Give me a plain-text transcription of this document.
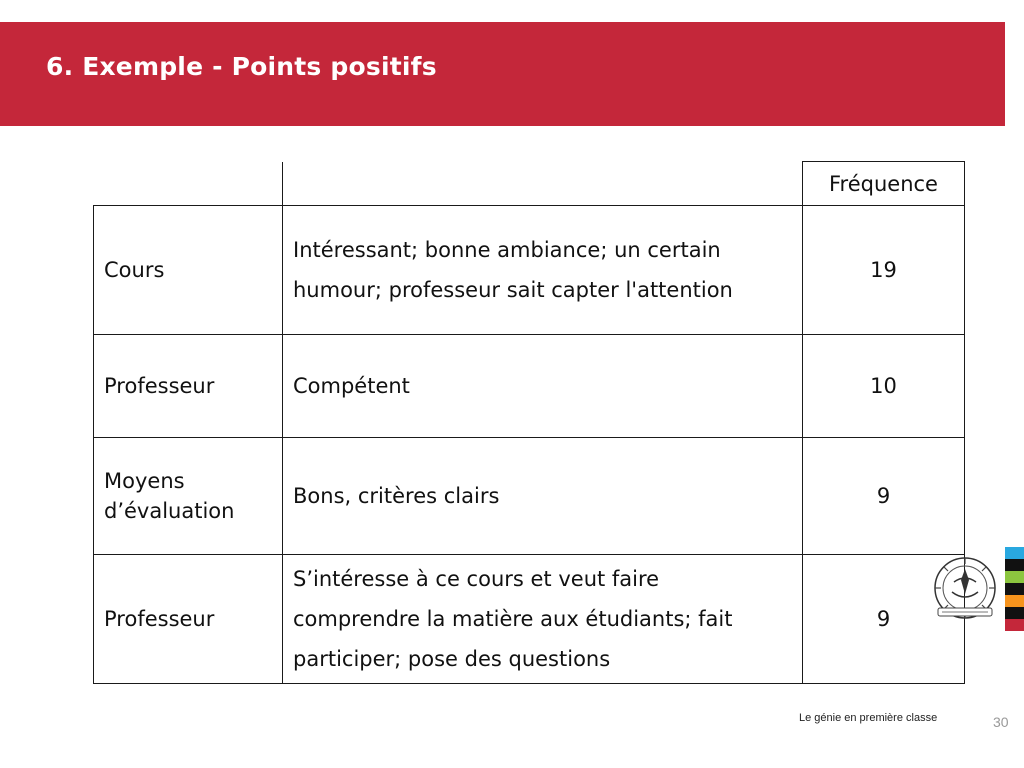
6. Exemple - Points positifs
		Fréquence
Cours	Intéressant; bonne ambiance; un certain humour; professeur sait capter l'attention	19
Professeur	Compétent	10
Moyens d’évaluation	Bons, critères clairs	9
Professeur	S’intéresse à ce cours et veut faire comprendre la matière aux étudiants; fait participer; pose des questions	9
Le génie en première classe	30
